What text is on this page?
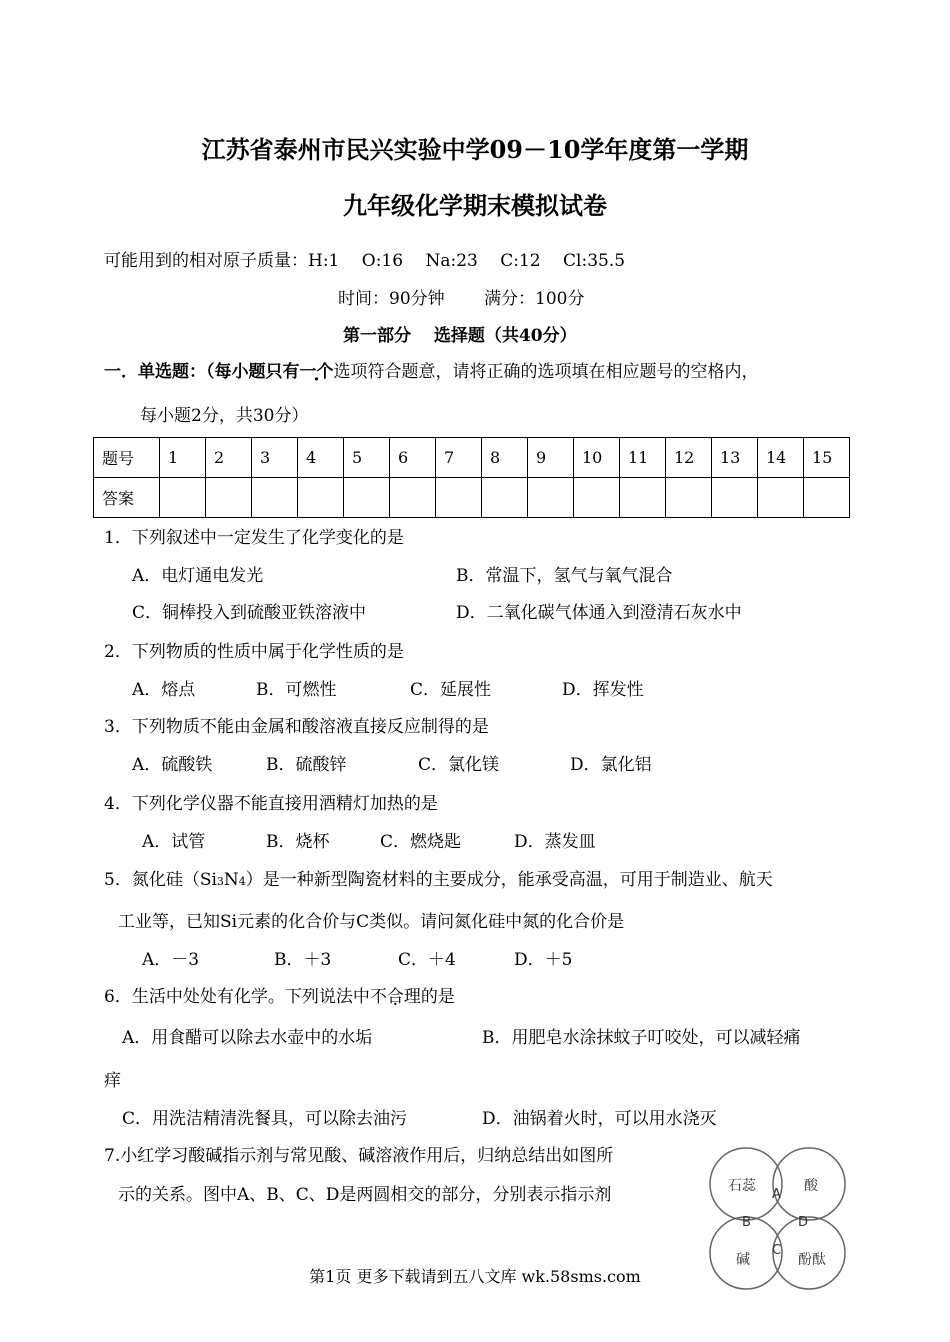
江苏省泰州市民兴实验中学09－10学年度第一学期
九年级化学期末模拟试卷
可能用到的相对原子质量：H:1　 O:16　 Na:23　 C:12　 Cl:35.5
时间：90分钟　　 满分：100分
第一部分　 选择题（共40分）
一．单选题：（每小题只有一个选项符合题意，请将正确的选项填在相应题号的空格内，
每小题2分，共30分）
题号	1	2	3	4	5	6	7	8	9	10	11	12	13	14	15
答案															
1．下列叙述中一定发生了化学变化的是
A．电灯通电发光	B．常温下，氢气与氧气混合
C．铜棒投入到硫酸亚铁溶液中	D．二氧化碳气体通入到澄清石灰水中
2．下列物质的性质中属于化学性质的是
A．熔点	B．可燃性	C．延展性	D．挥发性
3．下列物质不能由金属和酸溶液直接反应制得的是
A．硫酸铁	B．硫酸锌	C．氯化镁	D．氯化铝
4．下列化学仪器不能直接用酒精灯加热的是
A．试管	B．烧杯	C．燃烧匙	D．蒸发皿
5．氮化硅（Si3N4）是一种新型陶瓷材料的主要成分，能承受高温，可用于制造业、航天
工业等，已知Si元素的化合价与C类似。请问氮化硅中氮的化合价是
A．－3	B．＋3	C．＋4	D．＋5
6．生活中处处有化学。下列说法中不合理的是
A．用食醋可以除去水壶中的水垢	B．用肥皂水涂抹蚊子叮咬处，可以减轻痛
痒
C．用洗洁精清洗餐具，可以除去油污	D．油锅着火时，可以用水浇灭
7.小红学习酸碱指示剂与常见酸、碱溶液作用后，归纳总结出如图所
示的关系。图中A、B、C、D是两圆相交的部分，分别表示指示剂	石蕊	酸
碱	酚酞
A
B
C
D
第1页 更多下载请到五八文库 wk.58sms.com
